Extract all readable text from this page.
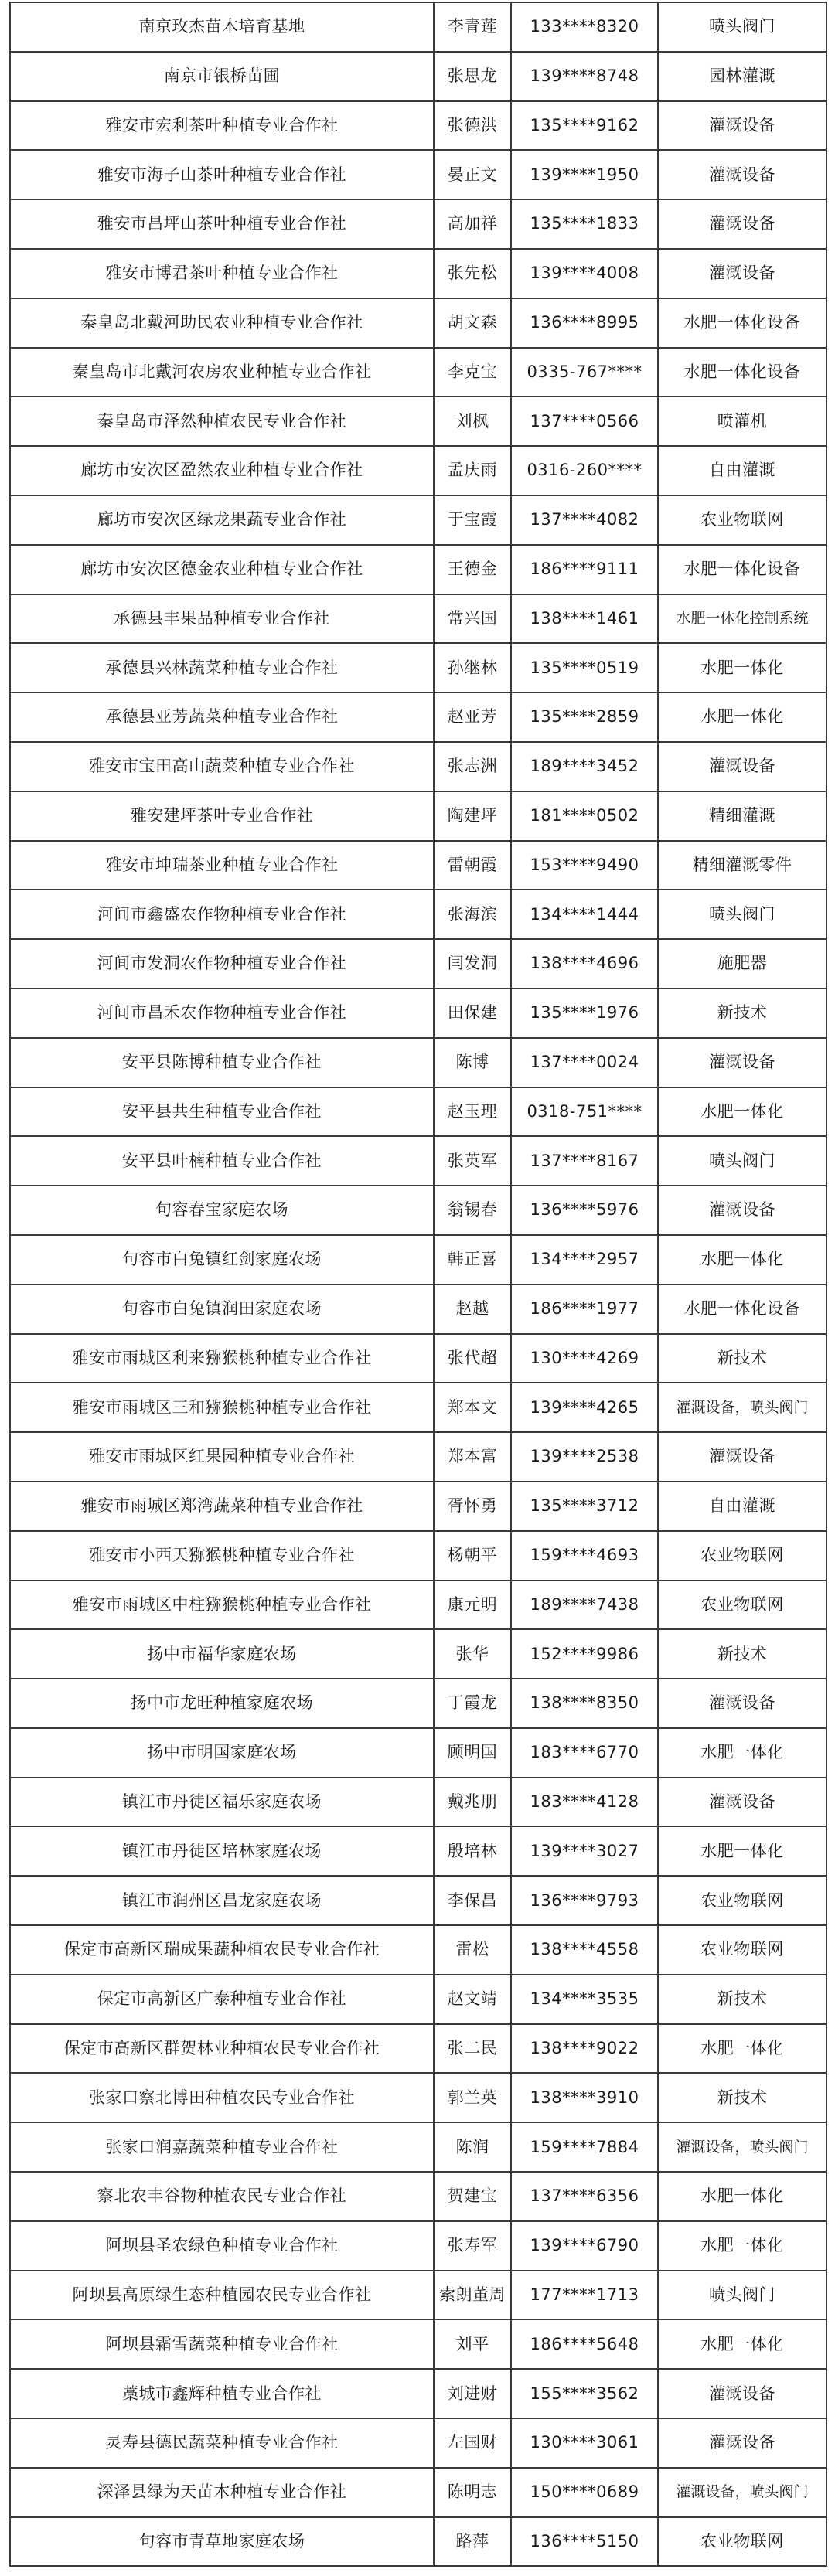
南京玫杰苗木培育基地	李青莲	133****8320	喷头阀门
南京市银桥苗圃	张思龙	139****8748	园林灌溉
雅安市宏利茶叶种植专业合作社	张德洪	135****9162	灌溉设备
雅安市海子山茶叶种植专业合作社	晏正文	139****1950	灌溉设备
雅安市昌坪山茶叶种植专业合作社	高加祥	135****1833	灌溉设备
雅安市博君茶叶种植专业合作社	张先松	139****4008	灌溉设备
秦皇岛北戴河助民农业种植专业合作社	胡文森	136****8995	水肥一体化设备
秦皇岛市北戴河农房农业种植专业合作社	李克宝	0335-767****	水肥一体化设备
秦皇岛市泽然种植农民专业合作社	刘枫	137****0566	喷灌机
廊坊市安次区盈然农业种植专业合作社	孟庆雨	0316-260****	自由灌溉
廊坊市安次区绿龙果蔬专业合作社	于宝霞	137****4082	农业物联网
廊坊市安次区德金农业种植专业合作社	王德金	186****9111	水肥一体化设备
承德县丰果品种植专业合作社	常兴国	138****1461	水肥一体化控制系统
承德县兴林蔬菜种植专业合作社	孙继林	135****0519	水肥一体化
承德县亚芳蔬菜种植专业合作社	赵亚芳	135****2859	水肥一体化
雅安市宝田高山蔬菜种植专业合作社	张志洲	189****3452	灌溉设备
雅安建坪茶叶专业合作社	陶建坪	181****0502	精细灌溉
雅安市坤瑞茶业种植专业合作社	雷朝霞	153****9490	精细灌溉零件
河间市鑫盛农作物种植专业合作社	张海滨	134****1444	喷头阀门
河间市发洞农作物种植专业合作社	闫发洞	138****4696	施肥器
河间市昌禾农作物种植专业合作社	田保建	135****1976	新技术
安平县陈博种植专业合作社	陈博	137****0024	灌溉设备
安平县共生种植专业合作社	赵玉理	0318-751****	水肥一体化
安平县叶楠种植专业合作社	张英军	137****8167	喷头阀门
句容春宝家庭农场	翁锡春	136****5976	灌溉设备
句容市白兔镇红剑家庭农场	韩正喜	134****2957	水肥一体化
句容市白兔镇润田家庭农场	赵越	186****1977	水肥一体化设备
雅安市雨城区利来猕猴桃种植专业合作社	张代超	130****4269	新技术
雅安市雨城区三和猕猴桃种植专业合作社	郑本文	139****4265	灌溉设备，喷头阀门
雅安市雨城区红果园种植专业合作社	郑本富	139****2538	灌溉设备
雅安市雨城区郑湾蔬菜种植专业合作社	胥怀勇	135****3712	自由灌溉
雅安市小西天猕猴桃种植专业合作社	杨朝平	159****4693	农业物联网
雅安市雨城区中柱猕猴桃种植专业合作社	康元明	189****7438	农业物联网
扬中市福华家庭农场	张华	152****9986	新技术
扬中市龙旺种植家庭农场	丁霞龙	138****8350	灌溉设备
扬中市明国家庭农场	顾明国	183****6770	水肥一体化
镇江市丹徒区福乐家庭农场	戴兆朋	183****4128	灌溉设备
镇江市丹徒区培林家庭农场	殷培林	139****3027	水肥一体化
镇江市润州区昌龙家庭农场	李保昌	136****9793	农业物联网
保定市高新区瑞成果蔬种植农民专业合作社	雷松	138****4558	农业物联网
保定市高新区广泰种植专业合作社	赵文靖	134****3535	新技术
保定市高新区群贺林业种植农民专业合作社	张二民	138****9022	水肥一体化
张家口察北博田种植农民专业合作社	郭兰英	138****3910	新技术
张家口润嘉蔬菜种植专业合作社	陈润	159****7884	灌溉设备，喷头阀门
察北农丰谷物种植农民专业合作社	贺建宝	137****6356	水肥一体化
阿坝县圣农绿色种植专业合作社	张寿军	139****6790	水肥一体化
阿坝县高原绿生态种植园农民专业合作社	索朗董周	177****1713	喷头阀门
阿坝县霜雪蔬菜种植专业合作社	刘平	186****5648	水肥一体化
藁城市鑫辉种植专业合作社	刘进财	155****3562	灌溉设备
灵寿县德民蔬菜种植专业合作社	左国财	130****3061	灌溉设备
深泽县绿为天苗木种植专业合作社	陈明志	150****0689	灌溉设备，喷头阀门
句容市青草地家庭农场	路萍	136****5150	农业物联网
